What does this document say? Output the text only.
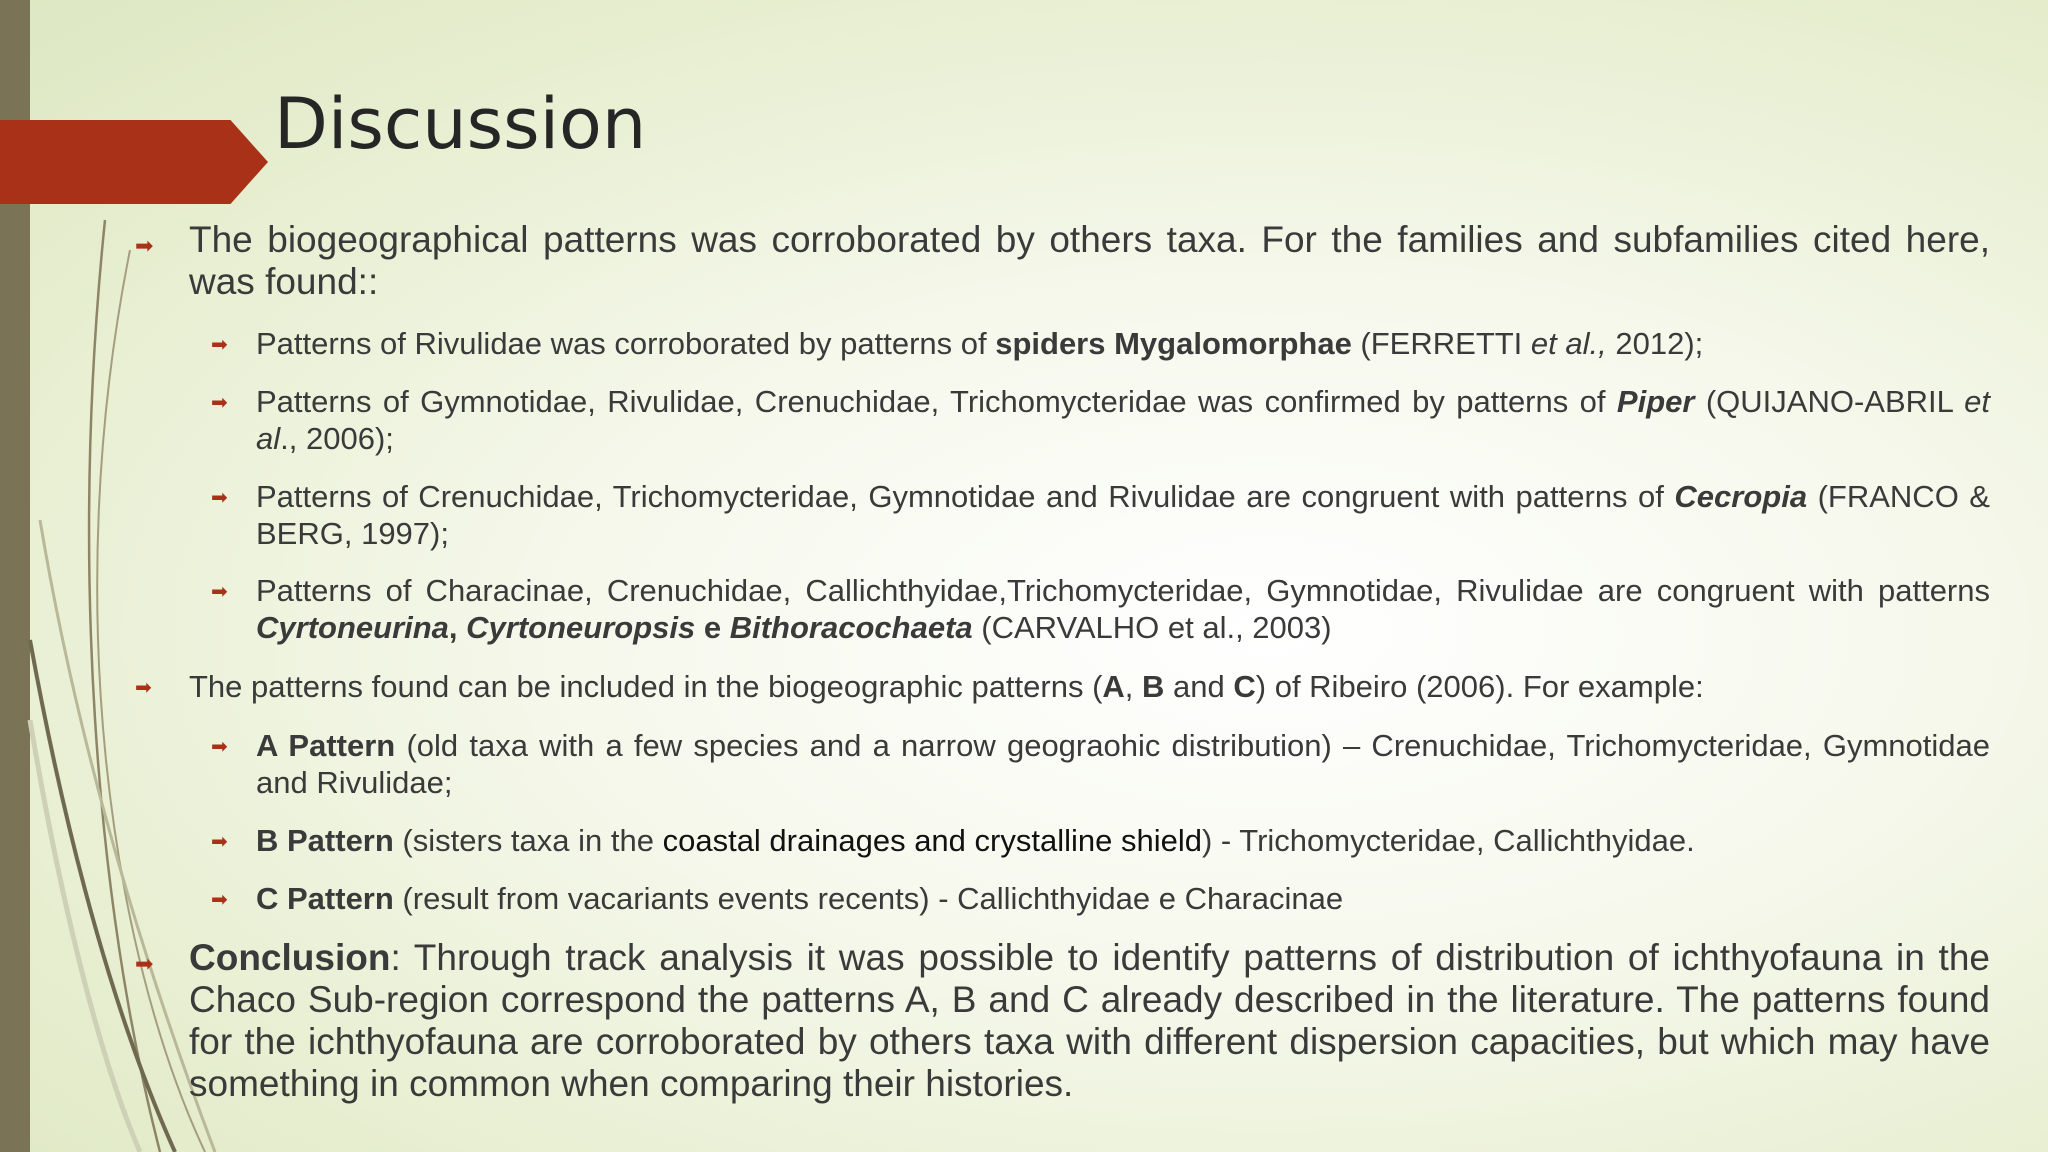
Discussion
➡ The biogeographical patterns was corroborated by others taxa. For the families and subfamilies cited here, was found::
➡ Patterns of Rivulidae was corroborated by patterns of spiders Mygalomorphae (FERRETTI et al., 2012);
➡ Patterns of Gymnotidae, Rivulidae, Crenuchidae, Trichomycteridae was confirmed by patterns of Piper (QUIJANO-ABRIL et al., 2006);
➡ Patterns of Crenuchidae, Trichomycteridae, Gymnotidae and Rivulidae are congruent with patterns of Cecropia (FRANCO & BERG, 1997);
➡ Patterns of Characinae, Crenuchidae, Callichthyidae,Trichomycteridae, Gymnotidae, Rivulidae are congruent with patterns Cyrtoneurina, Cyrtoneuropsis e Bithoracochaeta (CARVALHO et al., 2003)
➡ The patterns found can be included in the biogeographic patterns (A, B and C) of Ribeiro (2006). For example:
➡ A Pattern (old taxa with a few species and a narrow geograohic distribution) – Crenuchidae, Trichomycteridae, Gymnotidae and Rivulidae;
➡ B Pattern (sisters taxa in the coastal drainages and crystalline shield) - Trichomycteridae, Callichthyidae.
➡ C Pattern (result from vacariants events recents) - Callichthyidae e Characinae
➡ Conclusion: Through track analysis it was possible to identify patterns of distribution of ichthyofauna in the Chaco Sub-region correspond the patterns A, B and C already described in the literature. The patterns found for the ichthyofauna are corroborated by others taxa with different dispersion capacities, but which may have something in common when comparing their histories.
